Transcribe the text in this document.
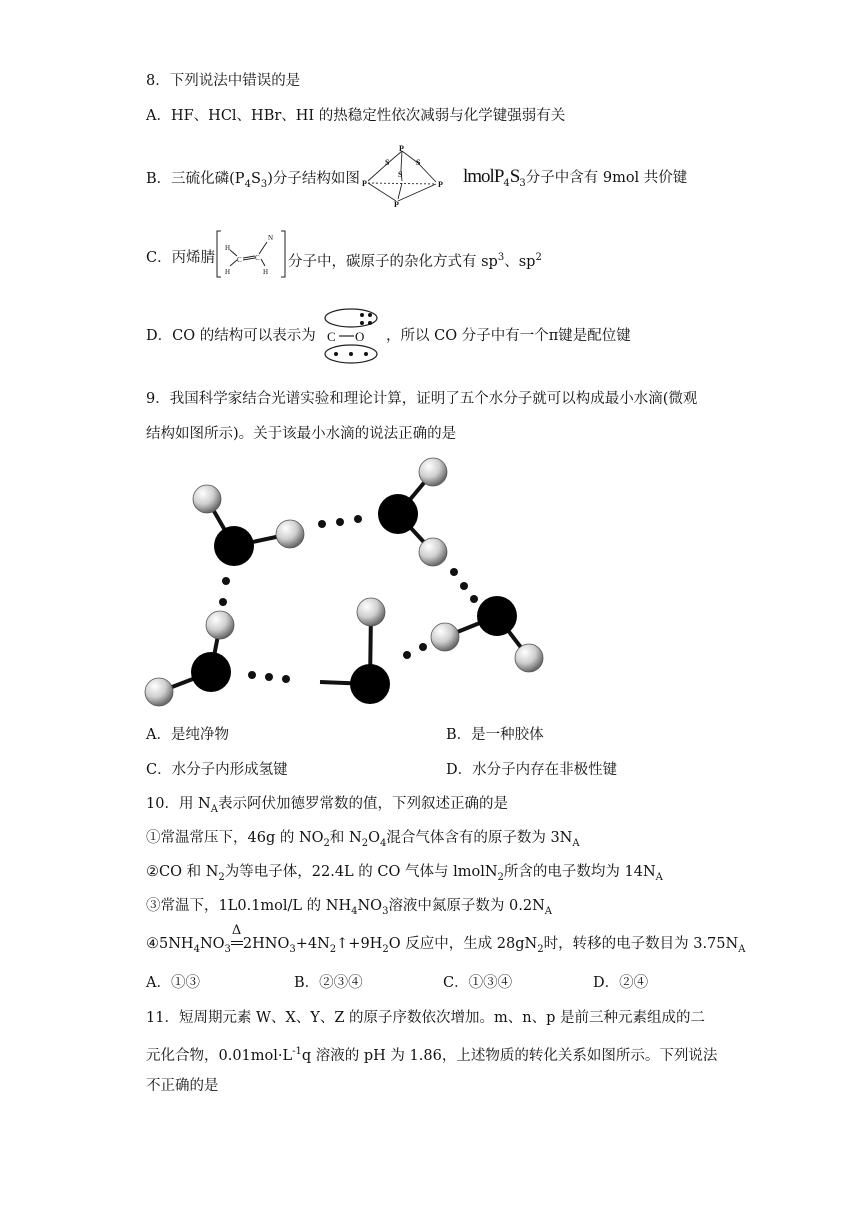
8．下列说法中错误的是
A．HF、HCl、HBr、HI 的热稳定性依次减弱与化学键强弱有关
B．三硫化磷$(P_4S_3)$分子结构如图
P
S
S
S
P	P
P
$lmolP_4S_3$分子中含有 9mol 共价键
C．丙烯腈
H
C
H
C
N
H
分子中，碳原子的杂化方式有 $sp^3$、$sp^2$
D．CO 的结构可以表示为 C O ，所以 CO 分子中有一个π键是配位键
9．我国科学家结合光谱实验和理论计算，证明了五个水分子就可以构成最小水滴(微观
结构如图所示)。关于该最小水滴的说法正确的是
A．是纯净物	B．是一种胶体
C．水分子内形成氢键	D．水分子内存在非极性键
10．用 $N_A$表示阿伏加德罗常数的值，下列叙述正确的是
①常温常压下，46g 的 $NO_2$和 $N_2O_4$混合气体含有的原子数为 $3N_A$
②CO 和 $N_2$为等电子体，22.4L 的 CO 气体与 lmolN$_2$所含的电子数均为 $14N_A$
③常温下，1L0.1mol/L 的 $NH_4NO_3$溶液中氮原子数为 $0.2N_A$
$④5NH_4NO_3$
Δ
$2HNO_3+4N_2↑+9H_2O$ 反应中，生成 $28gN_2$时，转移的电子数目为 $3.75N_A$
A．①③	B．②③④	C．①③④	D．②④
11．短周期元素 W、X、Y、Z 的原子序数依次增加。m、n、p 是前三种元素组成的二
元化合物，$0.01mol\cdot L^{-1}q$ 溶液的 pH 为 1.86，上述物质的转化关系如图所示。下列说法
不正确的是
